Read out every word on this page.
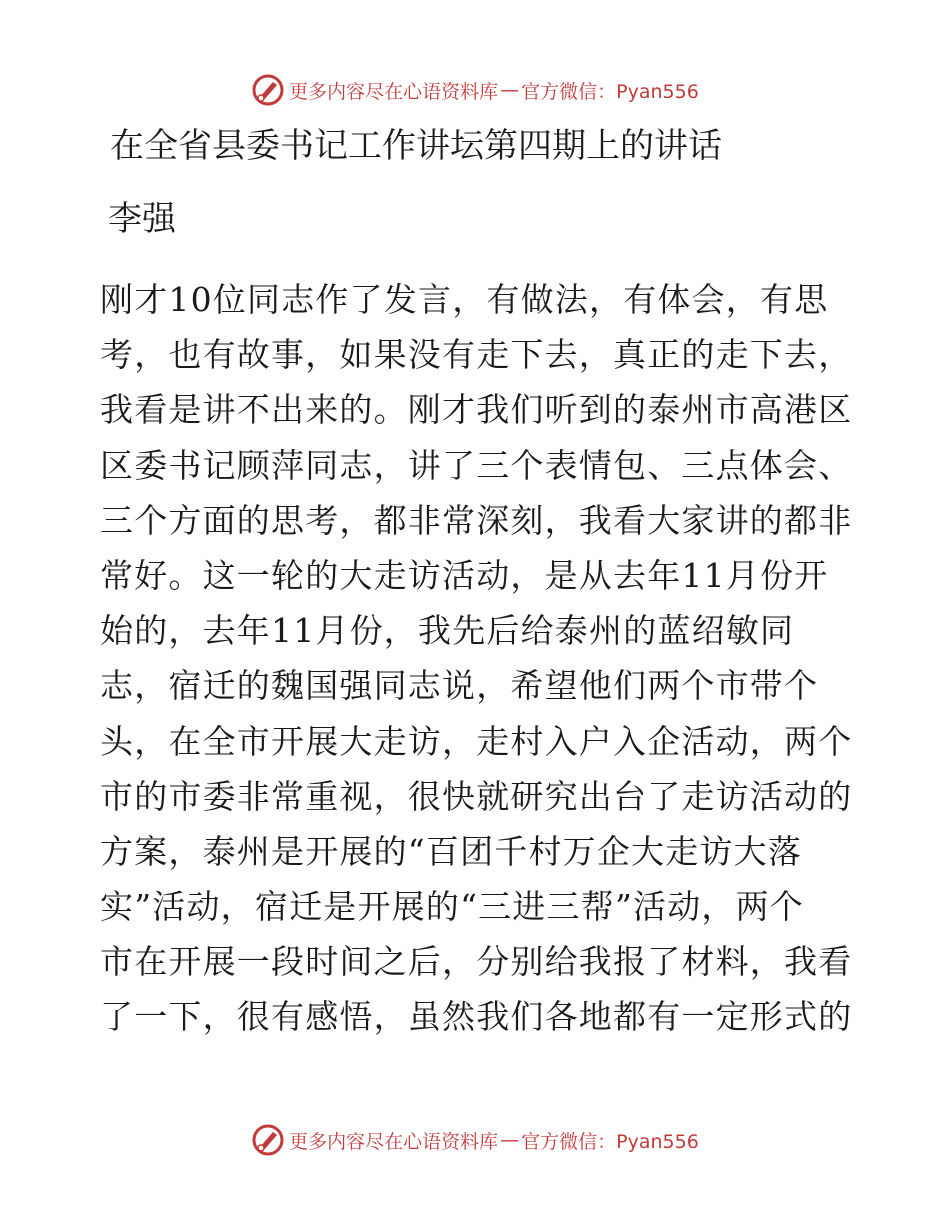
更多内容尽在心语资料库 — 官方微信：Pyan556
在全省县委书记工作讲坛第四期上的讲话
李强
刚才10位同志作了发言，有做法，有体会，有思
考，也有故事，如果没有走下去，真正的走下去，
我看是讲不出来的。刚才我们听到的泰州市高港区
区委书记顾萍同志，讲了三个表情包、三点体会、
三个方面的思考，都非常深刻，我看大家讲的都非
常好。这一轮的大走访活动，是从去年11月份开
始的，去年11月份，我先后给泰州的蓝绍敏同
志，宿迁的魏国强同志说，希望他们两个市带个
头，在全市开展大走访，走村入户入企活动，两个
市的市委非常重视，很快就研究出台了走访活动的
方案，泰州是开展的“百团千村万企大走访大落
实”活动，宿迁是开展的“三进三帮”活动，两个
市在开展一段时间之后，分别给我报了材料，我看
了一下，很有感悟，虽然我们各地都有一定形式的
更多内容尽在心语资料库 — 官方微信：Pyan556
